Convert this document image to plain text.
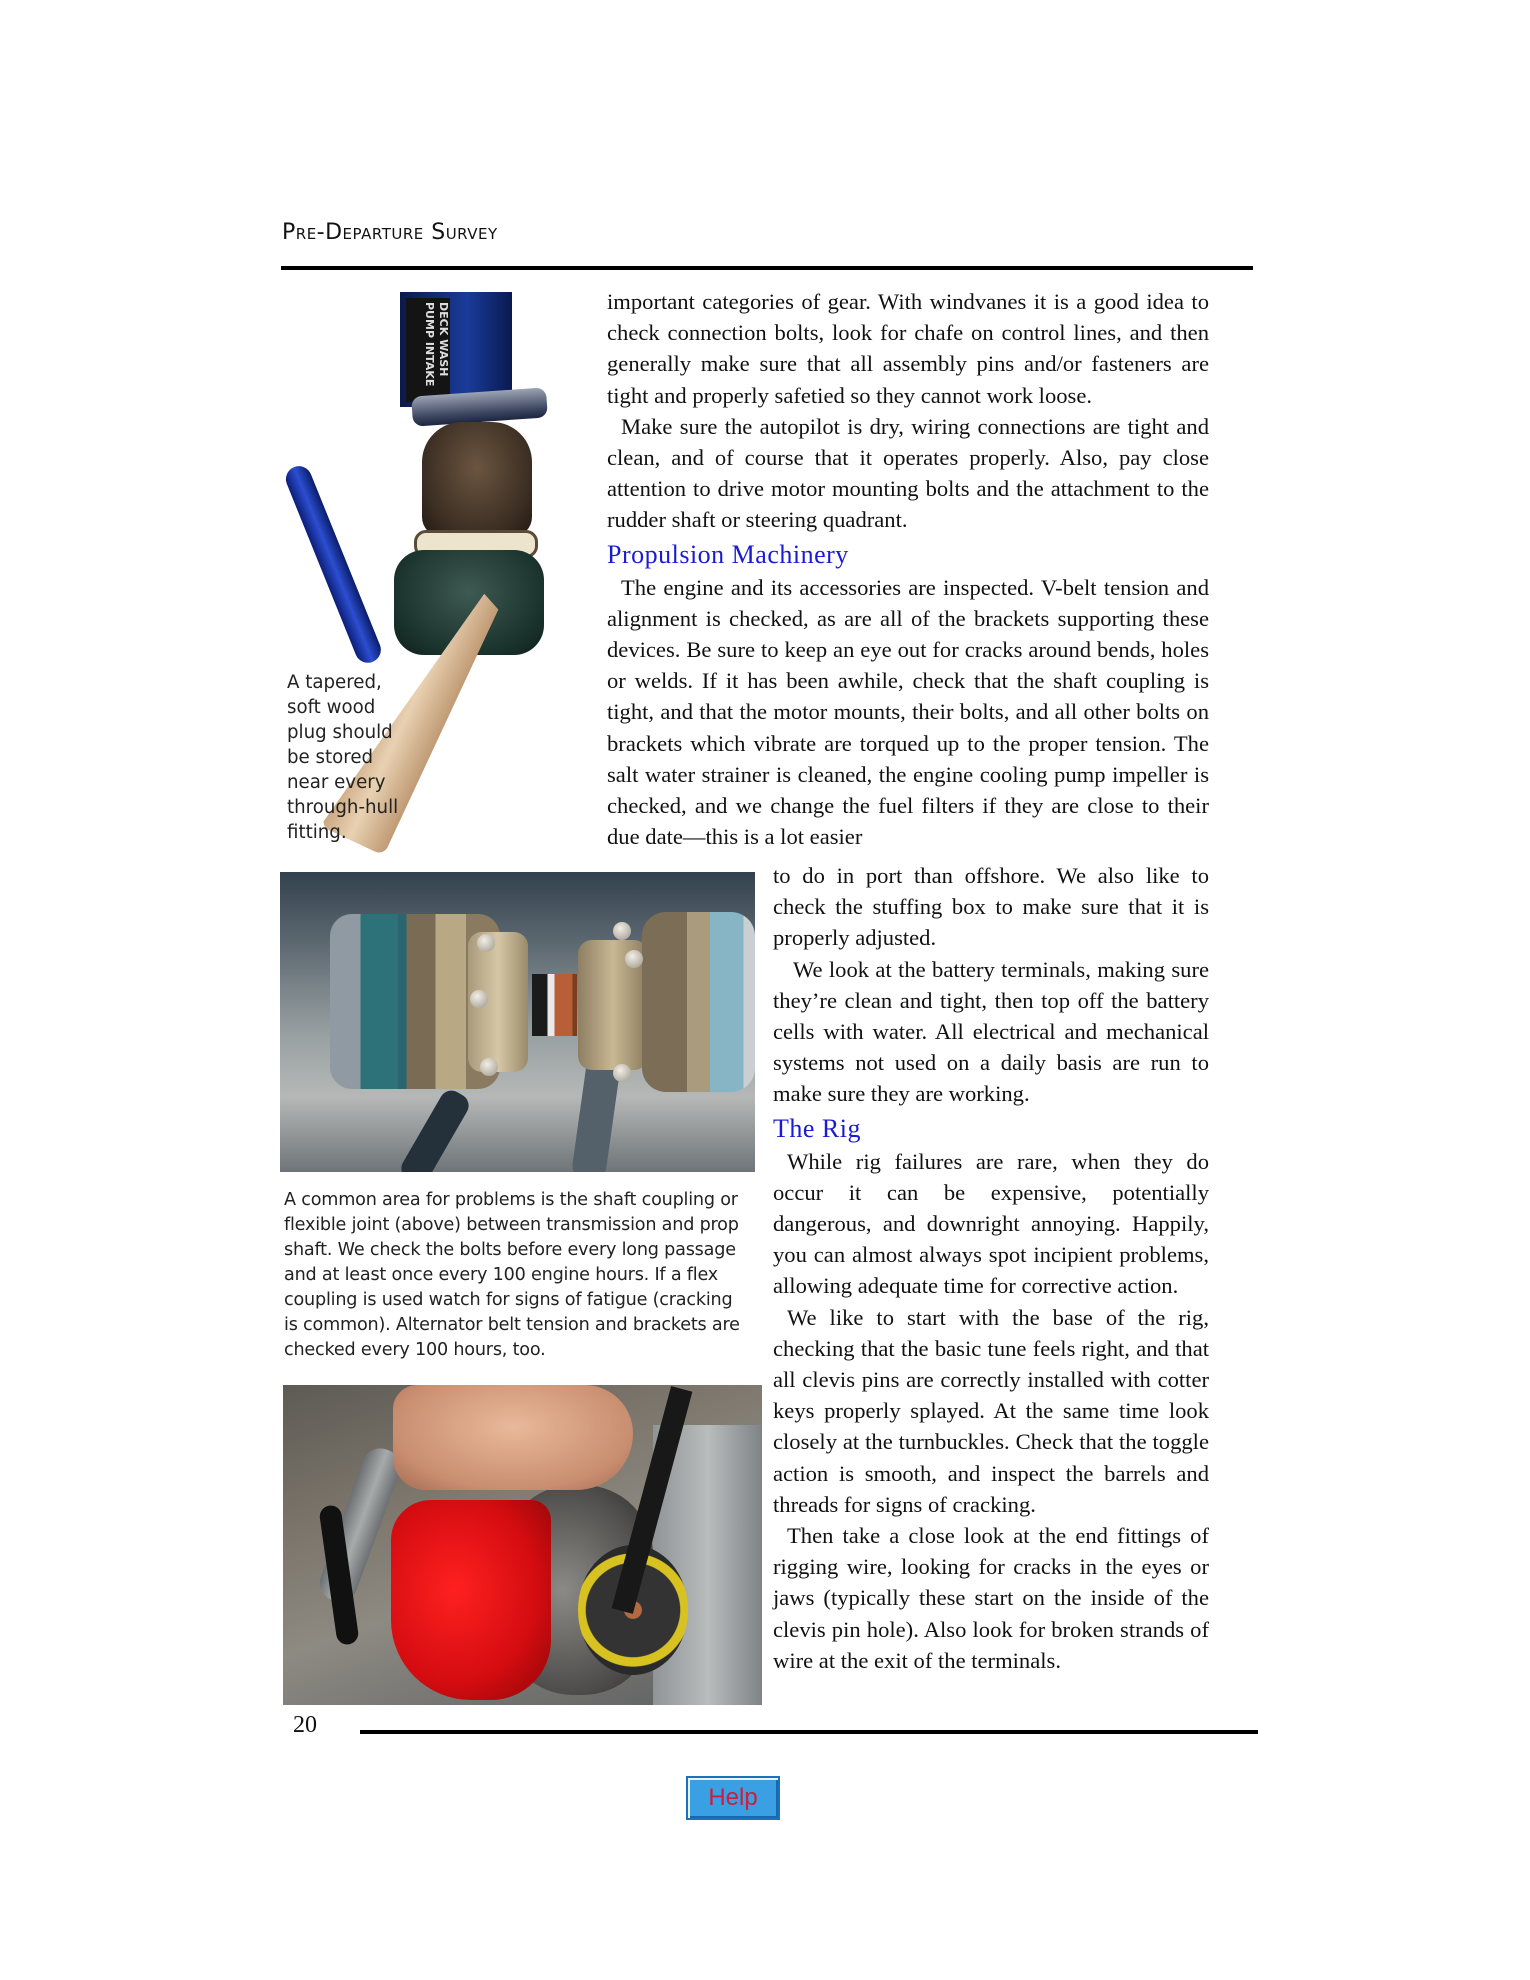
Pre-Departure Survey
DECK WASH PUMP INTAKE
A tapered, soft wood plug should be stored near every through-hull fitting.
A common area for problems is the shaft coupling or flexible joint (above) between transmission and prop shaft. We check the bolts before every long passage and at least once every 100 engine hours. If a flex coupling is used watch for signs of fatigue (cracking is common). Alternator belt tension and brackets are checked every 100 hours, too.

important categories of gear. With windvanes it is a good idea to check connection bolts, look for chafe on control lines, and then generally make sure that all assembly pins and/or fasteners are tight and properly safetied so they cannot work loose.

Make sure the autopilot is dry, wiring connections are tight and clean, and of course that it operates properly. Also, pay close attention to drive motor mounting bolts and the attachment to the rudder shaft or steering quadrant.

Propulsion Machinery

The engine and its accessories are inspected. V-belt tension and alignment is checked, as are all of the brackets supporting these devices. Be sure to keep an eye out for cracks around bends, holes or welds. If it has been awhile, check that the shaft coupling is tight, and that the motor mounts, their bolts, and all other bolts on brackets which vibrate are torqued up to the proper tension. The salt water strainer is cleaned, the engine cooling pump impeller is checked, and we change the fuel filters if they are close to their due date—this is a lot easier

to do in port than offshore. We also like to check the stuffing box to make sure that it is properly adjusted.

We look at the battery terminals, making sure they’re clean and tight, then top off the battery cells with water. All electrical and mechanical systems not used on a daily basis are run to make sure they are working.

The Rig

While rig failures are rare, when they do occur it can be expensive, potentially dangerous, and downright annoying. Happily, you can almost always spot incipient problems, allowing adequate time for corrective action.

We like to start with the base of the rig, checking that the basic tune feels right, and that all clevis pins are correctly installed with cotter keys properly splayed. At the same time look closely at the turnbuckles. Check that the toggle action is smooth, and inspect the barrels and threads for signs of cracking.

Then take a close look at the end fittings of rigging wire, looking for cracks in the eyes or jaws (typically these start on the inside of the clevis pin hole). Also look for broken strands of wire at the exit of the terminals.

20
Help
